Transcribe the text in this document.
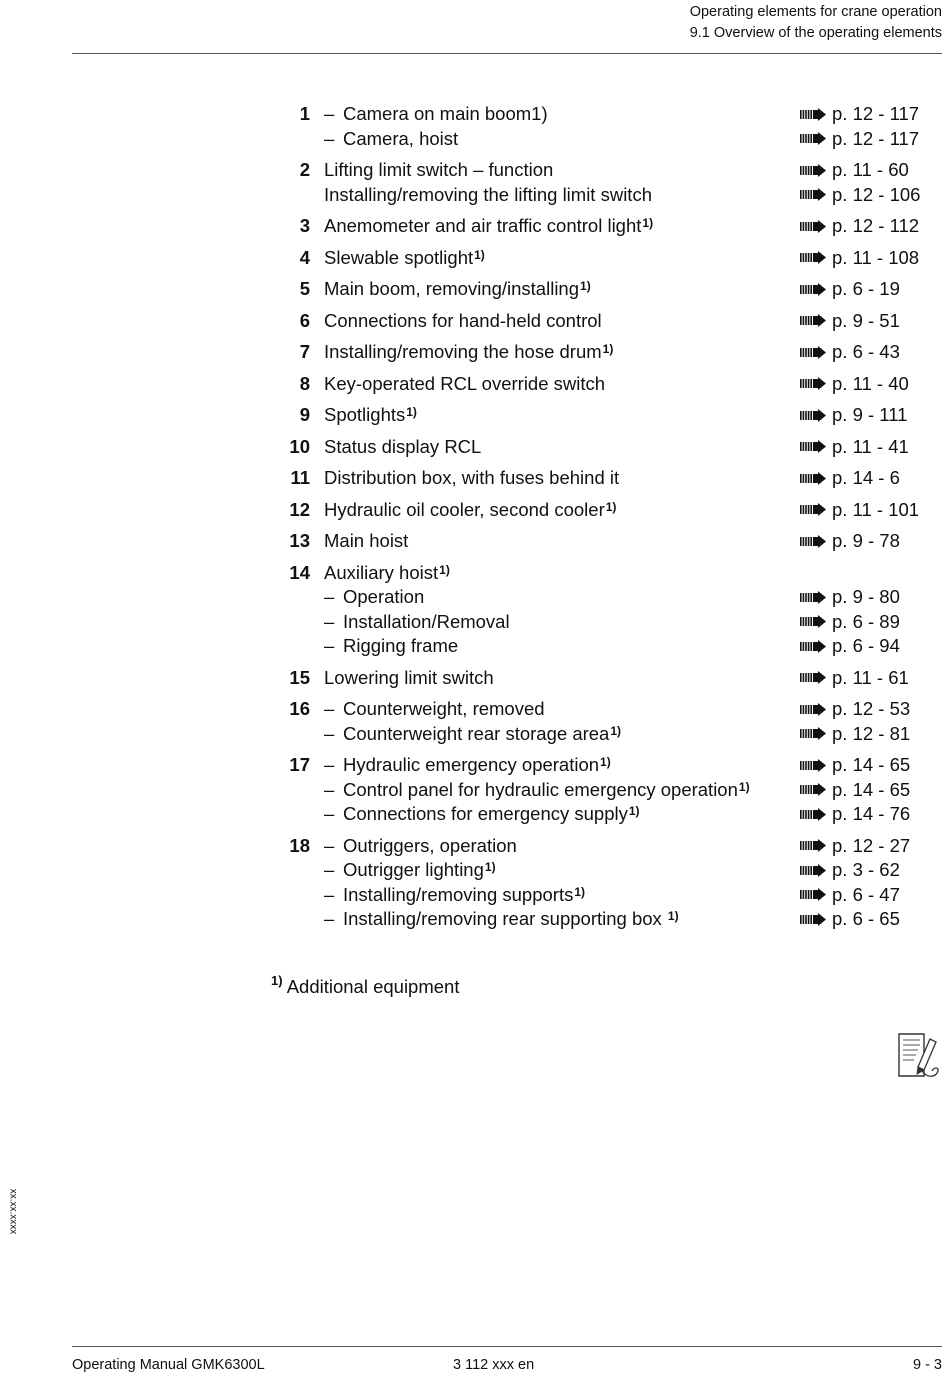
Operating elements for crane operation
9.1 Overview of the operating elements
1 – Camera on main boom1)	p. 12 - 117
– Camera, hoist	p. 12 - 117
2 Lifting limit switch – function	p. 11 - 60
Installing/removing the lifting limit switch	p. 12 - 106
3 Anemometer and air traffic control light$^{1)}$	p. 12 - 112
4 Slewable spotlight$^{1)}$	p. 11 - 108
5 Main boom, removing/installing$^{1)}$	p. 6 - 19
6 Connections for hand-held control	p. 9 - 51
7 Installing/removing the hose drum$^{1)}$	p. 6 - 43
8 Key-operated RCL override switch	p. 11 - 40
9 Spotlights$^{1)}$	p. 9 - 111
10 Status display RCL	p. 11 - 41
11 Distribution box, with fuses behind it	p. 14 - 6
12 Hydraulic oil cooler, second cooler$^{1)}$	p. 11 - 101
13 Main hoist	p. 9 - 78
14 Auxiliary hoist$^{1)}$
– Operation	p. 9 - 80
– Installation/Removal	p. 6 - 89
– Rigging frame	p. 6 - 94
15 Lowering limit switch	p. 11 - 61
16 – Counterweight, removed	p. 12 - 53
– Counterweight rear storage area$^{1)}$	p. 12 - 81
17 – Hydraulic emergency operation$^{1)}$	p. 14 - 65
– Control panel for hydraulic emergency operation$^{1)}$	p. 14 - 65
– Connections for emergency supply$^{1)}$	p. 14 - 76
18 – Outriggers, operation	p. 12 - 27
– Outrigger lighting$^{1)}$	p. 3 - 62
– Installing/removing supports$^{1)}$	p. 6 - 47
– Installing/removing rear supporting box $^{1)}$	p. 6 - 65
$^{1)}$ Additional equipment
xx.xx.xxxx
Operating Manual GMK6300L	3 112 xxx en	9 - 3
